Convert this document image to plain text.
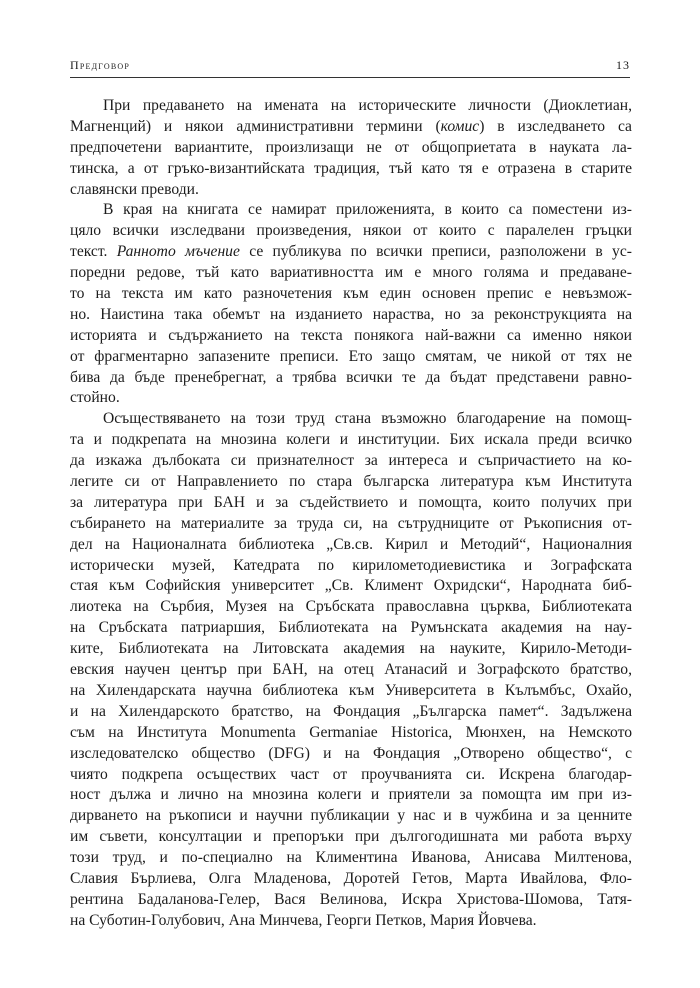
Предговор	13
При предаването на имената на историческите личности (Диоклетиан,
Магненций) и някои административни термини (комис) в изследването са
предпочетени вариантите, произлизащи не от общоприетата в науката ла-
тинска, а от гръко-византийската традиция, тъй като тя е отразена в старите
славянски преводи.
В края на книгата се намират приложенията, в които са поместени из-
цяло всички изследвани произведения, някои от които с паралелен гръцки
текст. Ранното мъчение се публикува по всички преписи, разположени в ус-
поредни редове, тъй като вариативността им е много голяма и предаване-
то на текста им като разночетения към един основен препис е невъзмож-
но. Наистина така обемът на изданието нараства, но за реконструкцията на
историята и съдържанието на текста понякога най-важни са именно някои
от фрагментарно запазените преписи. Ето защо смятам, че никой от тях не
бива да бъде пренебрегнат, а трябва всички те да бъдат представени равно-
стойно.
Осъществяването на този труд стана възможно благодарение на помощ-
та и подкрепата на мнозина колеги и институции. Бих искала преди всичко
да изкажа дълбоката си признателност за интереса и съпричастието на ко-
легите си от Направлението по стара българска литература към Института
за литература при БАН и за съдействието и помощта, които получих при
събирането на материалите за труда си, на сътрудниците от Ръкописния от-
дел на Националната библиотека „Св.св. Кирил и Методий“, Националния
исторически музей, Катедрата по кирилометодиевистика и Зографската
стая към Софийския университет „Св. Климент Охридски“, Народната биб-
лиотека на Сърбия, Музея на Сръбската православна църква, Библиотеката
на Сръбската патриаршия, Библиотеката на Румънската академия на нау-
ките, Библиотеката на Литовската академия на науките, Кирило-Методи-
евския научен център при БАН, на отец Атанасий и Зографското братство,
на Хилендарската научна библиотека към Университета в Кълъмбъс, Охайо,
и на Хилендарското братство, на Фондация „Българска памет“. Задължена
съм на Института Monumenta Germaniae Historica, Мюнхен, на Немското
изследователско общество (DFG) и на Фондация „Отворено общество“, с
чиято подкрепа осъществих част от проучванията си. Искрена благодар-
ност дължа и лично на мнозина колеги и приятели за помощта им при из-
дирването на ръкописи и научни публикации у нас и в чужбина и за ценните
им съвети, консултации и препоръки при дългогодишната ми работа върху
този труд, и по-специално на Климентина Иванова, Анисава Милтенова,
Славия Бърлиева, Олга Младенова, Доротей Гетов, Марта Ивайлова, Фло-
рентина Бадаланова-Гелер, Вася Велинова, Искра Христова-Шомова, Татя-
на Суботин-Голубович, Ана Минчева, Георги Петков, Мария Йовчева.
